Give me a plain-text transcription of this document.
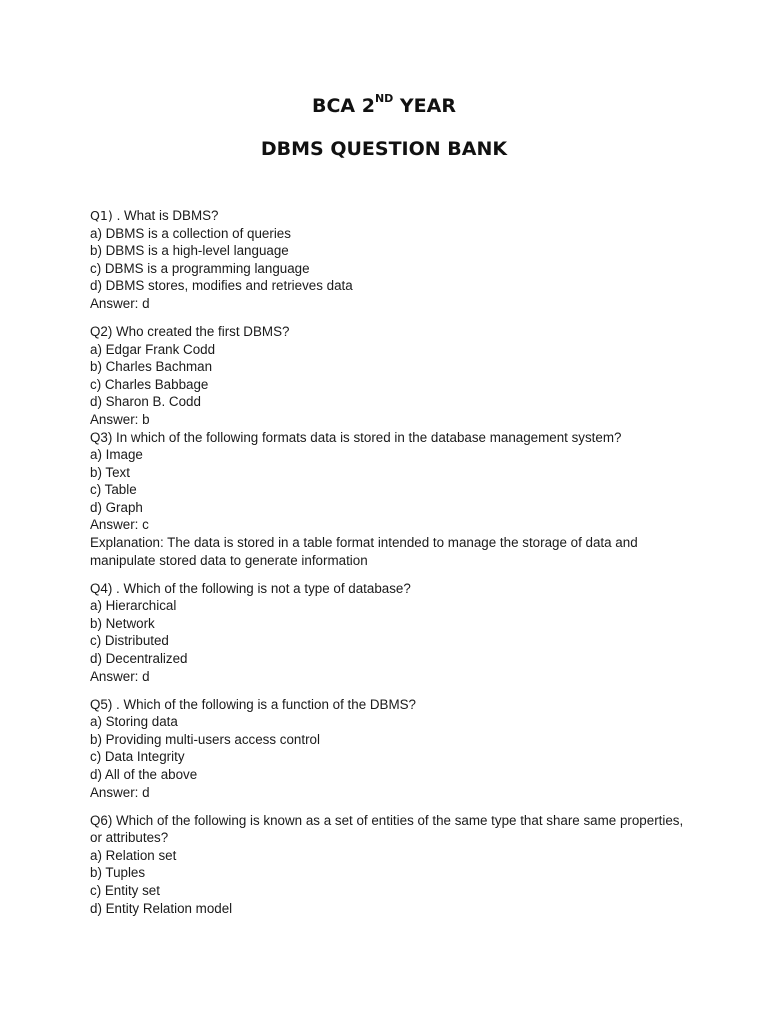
BCA 2ND YEAR
DBMS QUESTION BANK

Q1) . What is DBMS?

a) DBMS is a collection of queries

b) DBMS is a high-level language

c) DBMS is a programming language

d) DBMS stores, modifies and retrieves data

Answer: d

Q2) Who created the first DBMS?

a) Edgar Frank Codd

b) Charles Bachman

c) Charles Babbage

d) Sharon B. Codd

Answer: b

Q3) In which of the following formats data is stored in the database management system?

a) Image

b) Text

c) Table

d) Graph

Answer: c

Explanation: The data is stored in a table format intended to manage the storage of data and manipulate stored data to generate information

Q4) . Which of the following is not a type of database?

a) Hierarchical

b) Network

c) Distributed

d) Decentralized

Answer: d

Q5) . Which of the following is a function of the DBMS?

a) Storing data

b) Providing multi-users access control

c) Data Integrity

d) All of the above

Answer: d

Q6) Which of the following is known as a set of entities of the same type that share same properties, or attributes?

a) Relation set

b) Tuples

c) Entity set

d) Entity Relation model
